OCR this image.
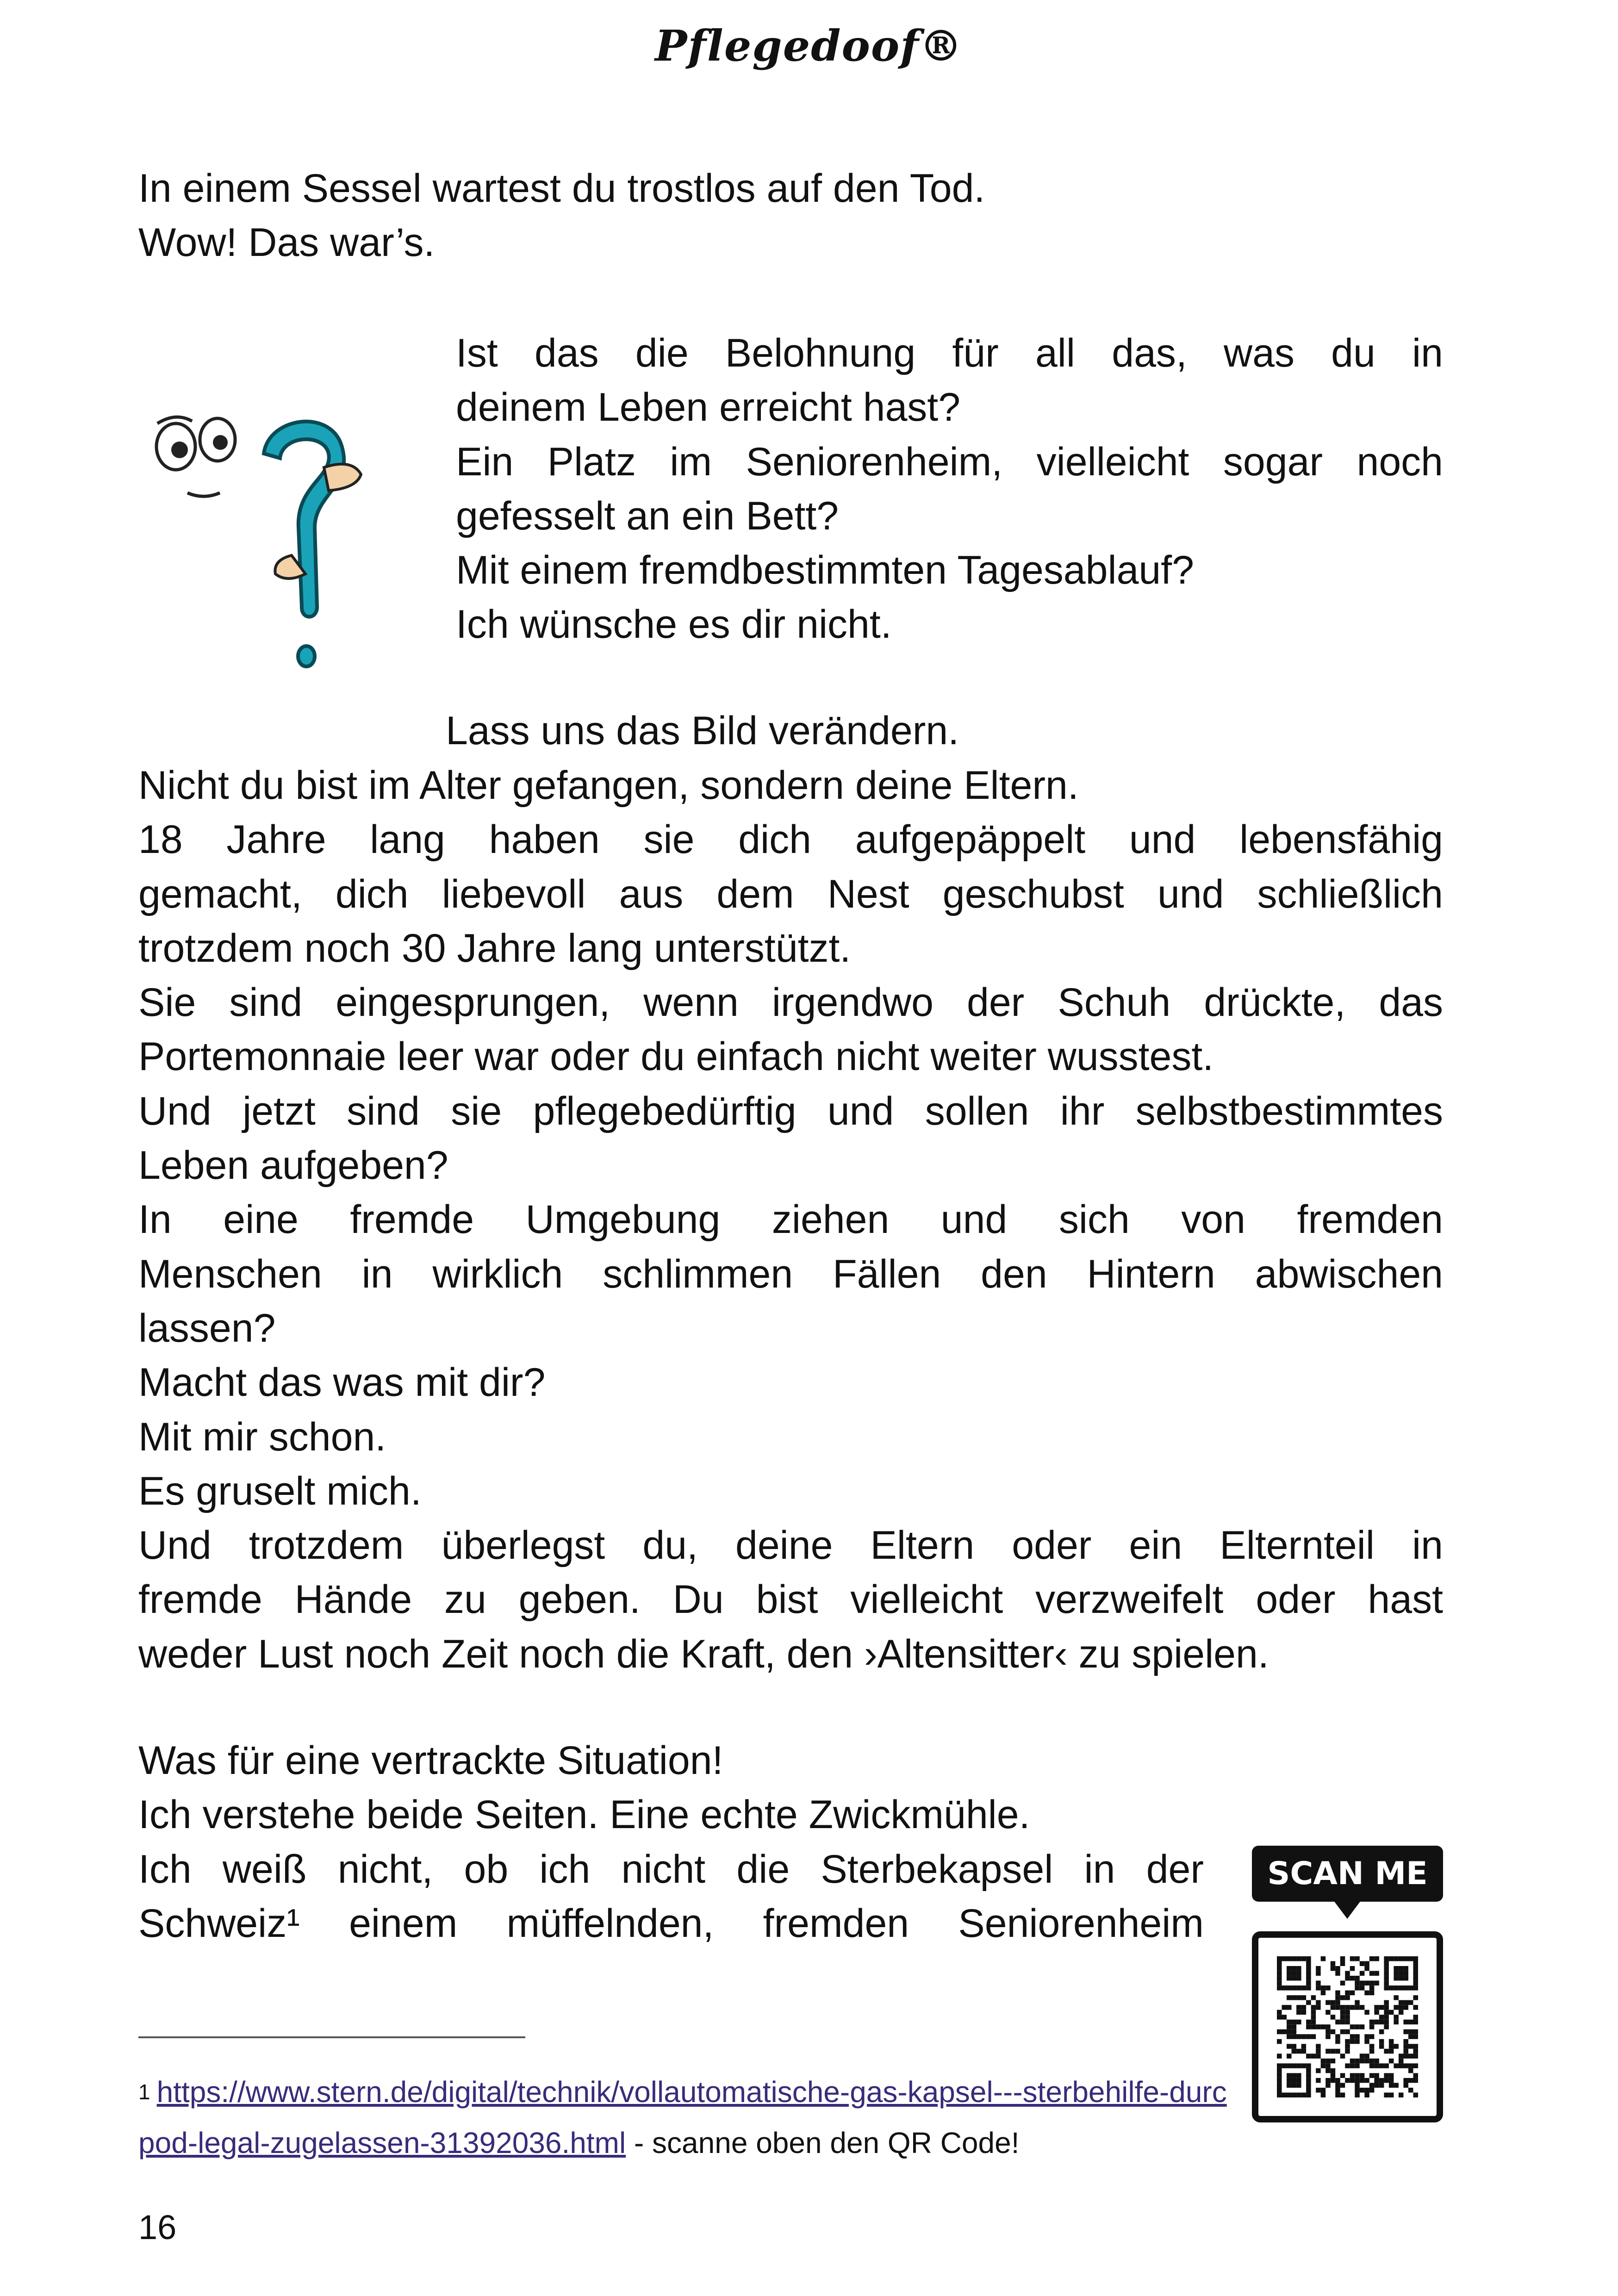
Pflegedoof®
In einem Sessel wartest du trostlos auf den Tod.
Wow! Das war’s.
Ist das die Belohnung für all das, was du in
deinem Leben erreicht hast?
Ein Platz im Seniorenheim, vielleicht sogar noch
gefesselt an ein Bett?
Mit einem fremdbestimmten Tagesablauf?
Ich wünsche es dir nicht.
Lass uns das Bild verändern.
Nicht du bist im Alter gefangen, sondern deine Eltern.
18 Jahre lang haben sie dich aufgepäppelt und lebensfähig
gemacht, dich liebevoll aus dem Nest geschubst und schließlich
trotzdem noch 30 Jahre lang unterstützt.
Sie sind eingesprungen, wenn irgendwo der Schuh drückte, das
Portemonnaie leer war oder du einfach nicht weiter wusstest.
Und jetzt sind sie pflegebedürftig und sollen ihr selbstbestimmtes
Leben aufgeben?
In eine fremde Umgebung ziehen und sich von fremden
Menschen in wirklich schlimmen Fällen den Hintern abwischen
lassen?
Macht das was mit dir?
Mit mir schon.
Es gruselt mich.
Und trotzdem überlegst du, deine Eltern oder ein Elternteil in
fremde Hände zu geben. Du bist vielleicht verzweifelt oder hast
weder Lust noch Zeit noch die Kraft, den ›Altensitter‹ zu spielen.
Was für eine vertrackte Situation!
Ich verstehe beide Seiten. Eine echte Zwickmühle.
Ich weiß nicht, ob ich nicht die Sterbekapsel in der
Schweiz¹ einem müffelnden, fremden Seniorenheim
SCAN ME
$^1$ https://www.stern.de/digital/technik/vollautomatische-gas-kapsel---sterbehilfe-durc
pod-legal-zugelassen-31392036.html - scanne oben den QR Code!
16
